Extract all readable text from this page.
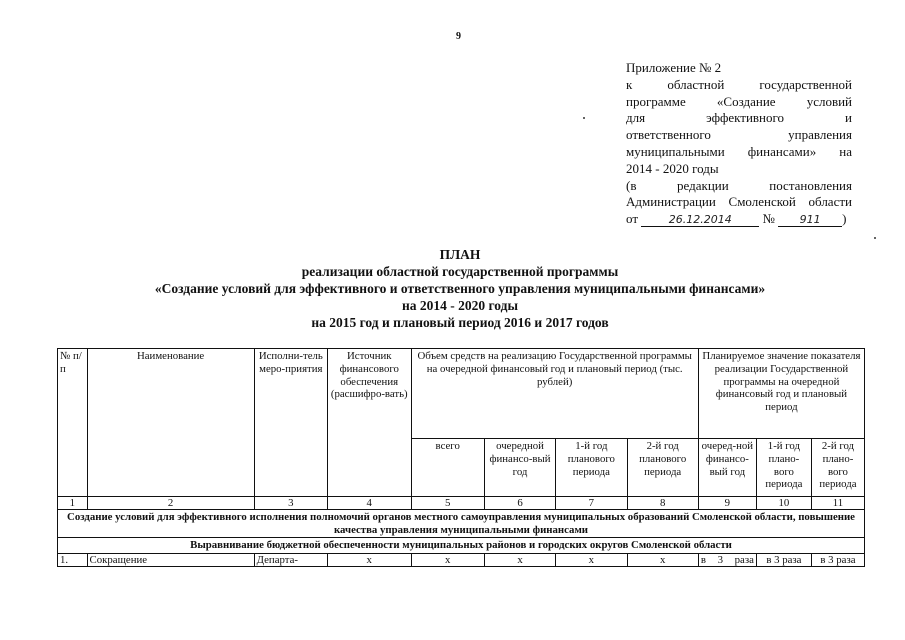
9
Приложение № 2
к областной государственной
программе «Создание условий
для эффективного и
ответственного управления
муниципальными финансами» на
2014 - 2020 годы
(в редакции постановления
Администрации Смоленской области
от	26.12.2014 № 911 )
ПЛАН
реализации областной государственной программы
«Создание условий для эффективного и ответственного управления муниципальными финансами»
на 2014 - 2020 годы
на 2015 год и плановый период 2016 и 2017 годов
№ п/п	Наименование	Исполни-тель меро-приятия	Источник финансового обеспечения (расшифро-вать)	Объем средств на реализацию Государственной программы на очередной финансовый год и плановый период (тыс. рублей)				Планируемое значение показателя реализации Государственной программы на очередной финансовый год и плановый период		
				всего	очередной финансо-вый год	1-й год планового периода	2-й год планового периода	очеред-ной финансо-вый год	1-й год плано-вого периода	2-й год плано-вого периода
1	2	3	4	5	6	7	8	9	10	11
Создание условий для эффективного исполнения полномочий органов местного самоуправления муниципальных образований Смоленской области, повышение качества управления муниципальными финансами										
Выравнивание бюджетной обеспеченности муниципальных районов и городских округов Смоленской области										
1.	Сокращение	Департа-	х	х	х	х	х	в 3 раза	в 3 раза	в 3 раза
